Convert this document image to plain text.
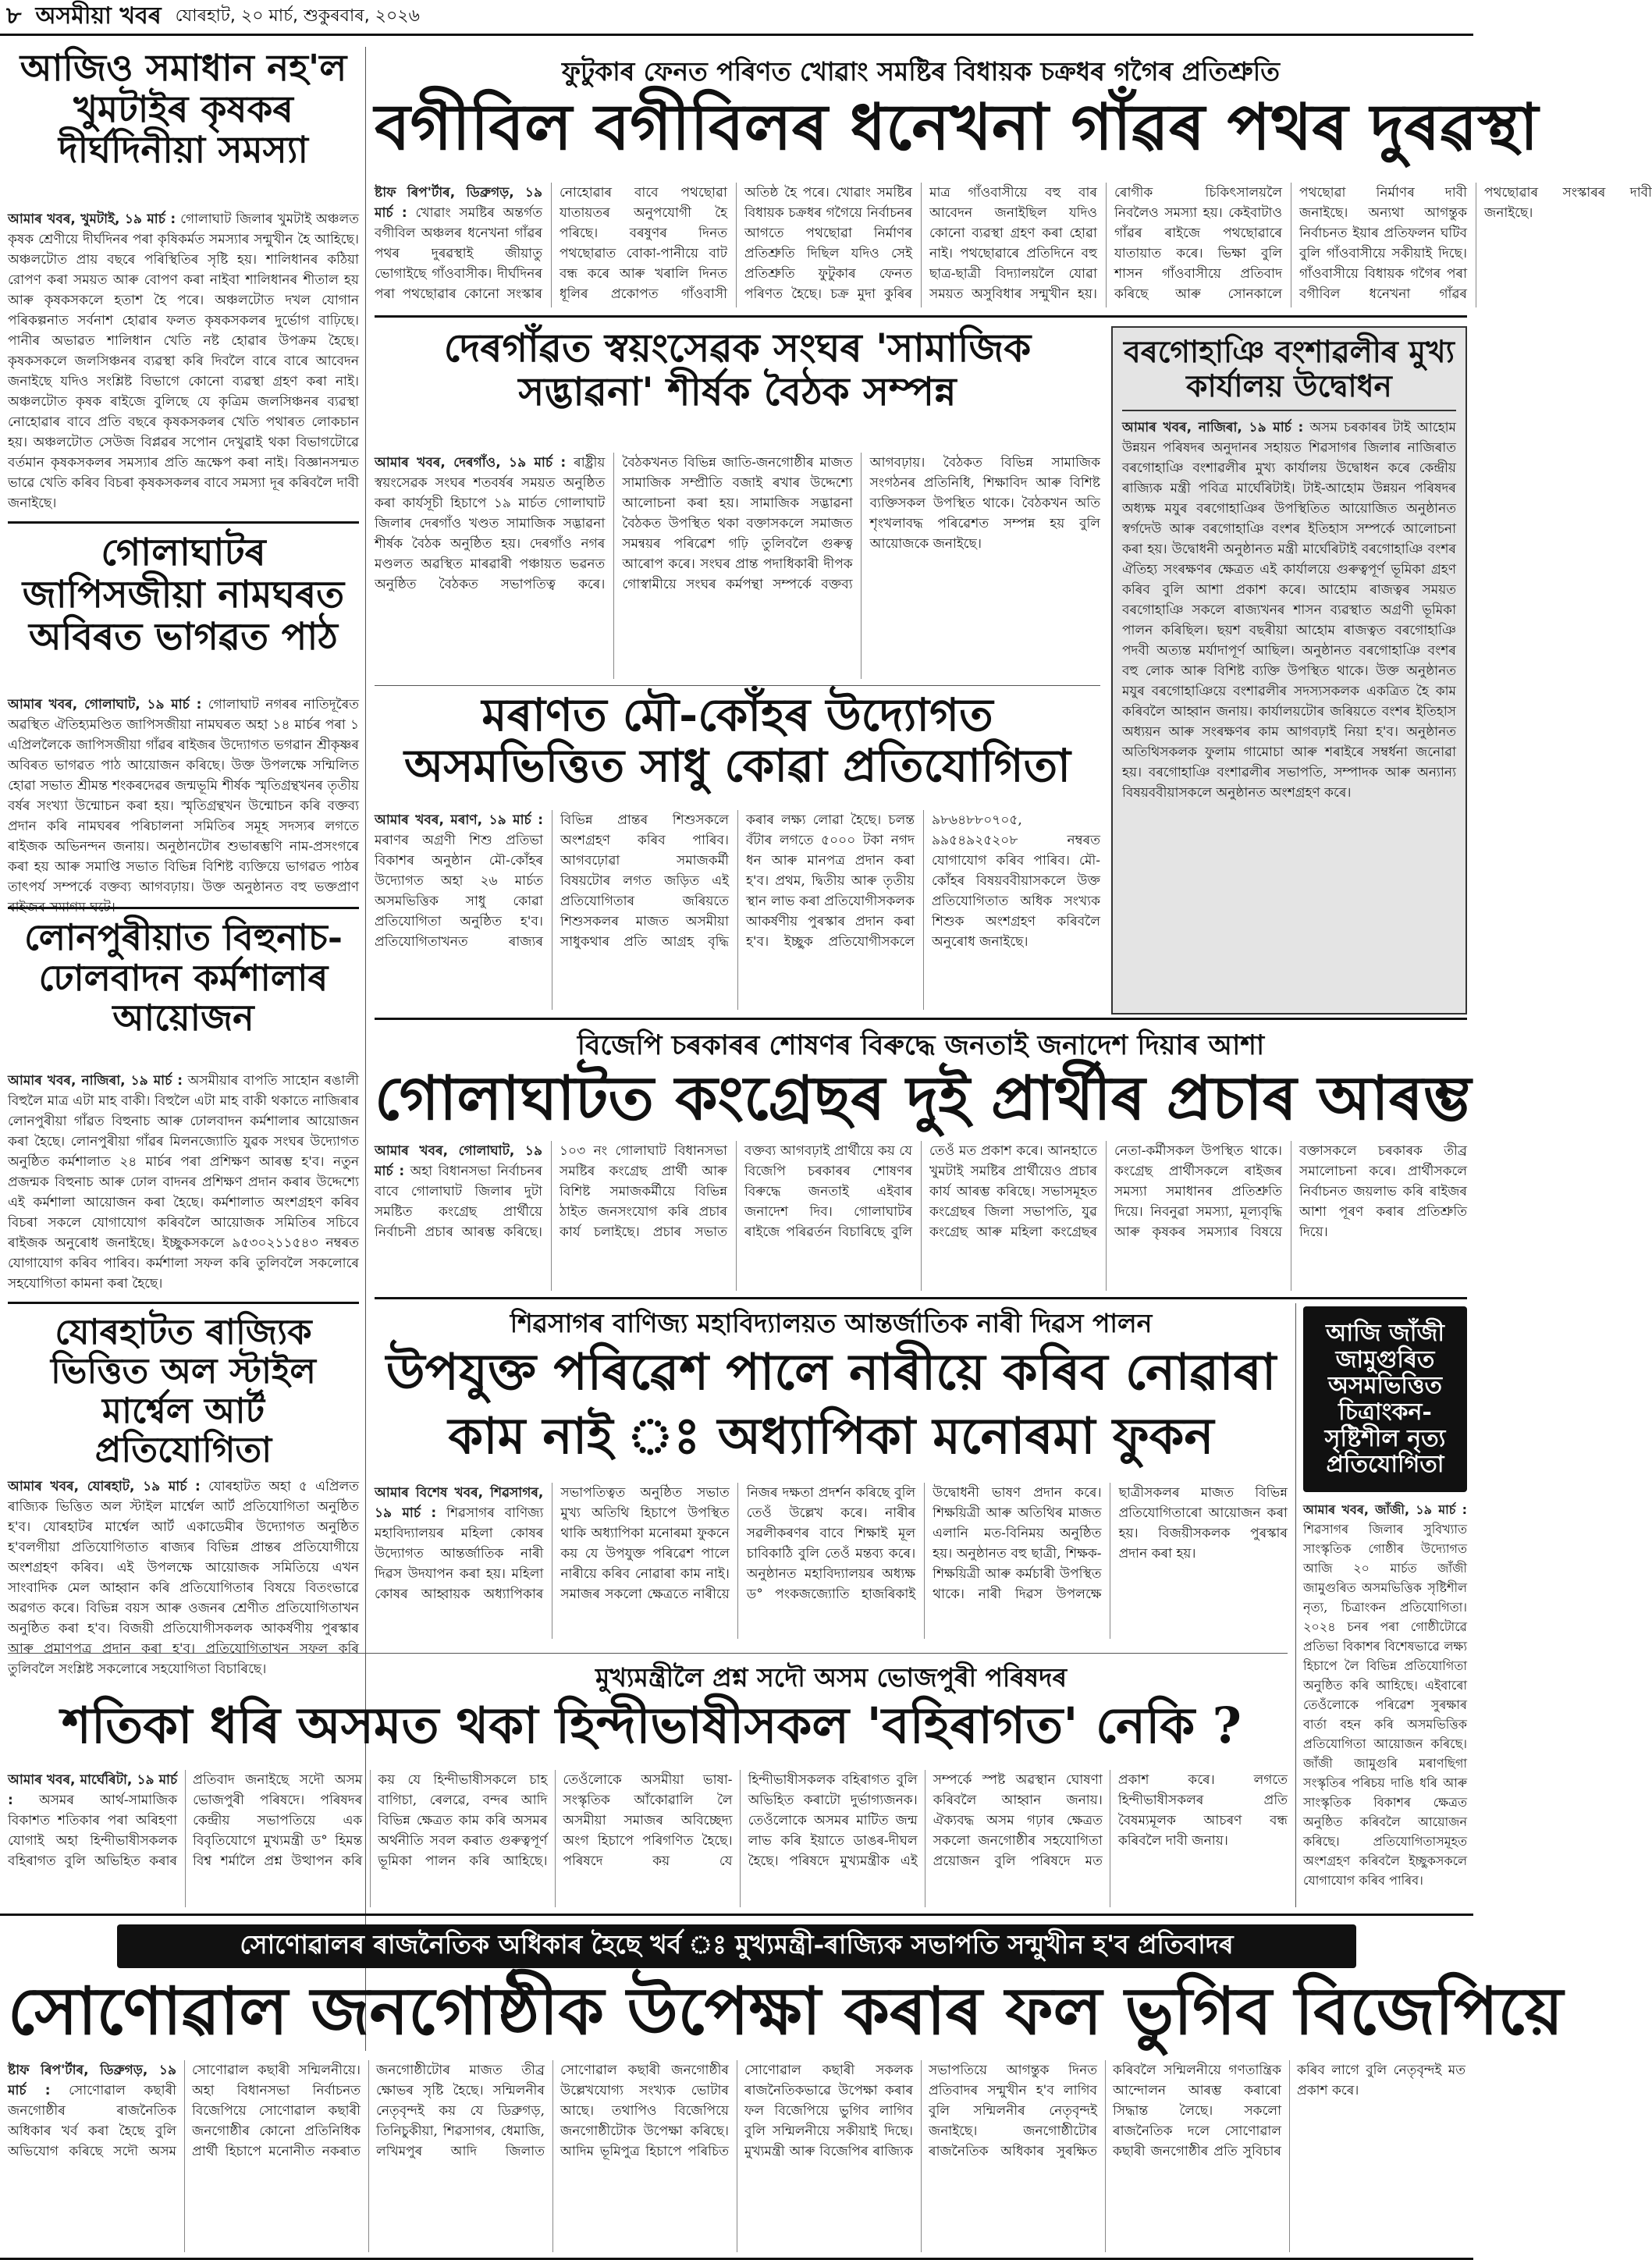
৮ অসমীয়া খবৰ যোৰহাট, ২০ মাৰ্চ, শুকুৰবাৰ, ২০২৬
আজিও সমাধান নহ'ল খুমটাইৰ কৃষকৰ দীৰ্ঘদিনীয়া সমস্যা
আমাৰ খবৰ, খুমটাই, ১৯ মাৰ্চ : গোলাঘাট জিলাৰ খুমটাই অঞ্চলত কৃষক শ্ৰেণীয়ে দীৰ্ঘদিনৰ পৰা কৃষিকৰ্মত সমস্যাৰ সন্মুখীন হৈ আহিছে। অঞ্চলটোত প্ৰায় বছৰে পৰিস্থিতিৰ সৃষ্টি হয়। শালিধানৰ কঠিয়া রোপণ কৰা সময়ত আৰু বোপণ কৰা নাইবা শালিধানৰ শীতাল হয় আৰু কৃষকসকলে হতাশ হৈ পৰে। অঞ্চলটোত দখল যোগান পৰিকল্পনাত সৰ্বনাশ হোৱাৰ ফলত কৃষকসকলৰ দুৰ্ভোগ বাঢ়িছে। পানীৰ অভাৱত শালিধান খেতি নষ্ট হোৱাৰ উপক্ৰম হৈছে। কৃষকসকলে জলসিঞ্চনৰ ব্যৱস্থা কৰি দিবলৈ বাৰে বাৰে আবেদন জনাইছে যদিও সংশ্লিষ্ট বিভাগে কোনো ব্যৱস্থা গ্ৰহণ কৰা নাই। অঞ্চলটোত কৃষক ৰাইজে বুলিছে যে কৃত্ৰিম জলসিঞ্চনৰ ব্যৱস্থা নোহোৱাৰ বাবে প্ৰতি বছৰে কৃষকসকলৰ খেতি পথাৰত লোকচান হয়। অঞ্চলটোত সেউজ বিপ্লৱৰ সপোন দেখুৱাই থকা বিভাগটোৱে বৰ্তমান কৃষকসকলৰ সমস্যাৰ প্ৰতি ভ্ৰূক্ষেপ কৰা নাই। বিজ্ঞানসন্মত ভাৱে খেতি কৰিব বিচৰা কৃষকসকলৰ বাবে সমস্যা দূৰ কৰিবলৈ দাবী জনাইছে।
গোলাঘাটৰ জাপিসজীয়া নামঘৰত অবিৰত ভাগৱত পাঠ
আমাৰ খবৰ, গোলাঘাট, ১৯ মাৰ্চ : গোলাঘাট নগৰৰ নাতিদূৰৈত অৱস্থিত ঐতিহ্যমণ্ডিত জাপিসজীয়া নামঘৰত অহা ১৪ মাৰ্চৰ পৰা ১ এপ্ৰিললৈকে জাপিসজীয়া গাঁৱৰ ৰাইজৰ উদ্যোগত ভগৱান শ্ৰীকৃষ্ণৰ অবিৰত ভাগৱত পাঠ আয়োজন কৰিছে। উক্ত উপলক্ষে সন্মিলিত হোৱা সভাত শ্ৰীমন্ত শংকৰদেৱৰ জন্মভূমি শীৰ্ষক স্মৃতিগ্ৰন্থখনৰ তৃতীয় বৰ্ষৰ সংখ্যা উন্মোচন কৰা হয়। স্মৃতিগ্ৰন্থখন উন্মোচন কৰি বক্তব্য প্ৰদান কৰি নামঘৰৰ পৰিচালনা সমিতিৰ সমূহ সদস্যৰ লগতে ৰাইজক অভিনন্দন জনায়। অনুষ্ঠানটোৰ শুভাৰম্ভণি নাম-প্ৰসংগৰে কৰা হয় আৰু সমাপ্তি সভাত বিভিন্ন বিশিষ্ট ব্যক্তিয়ে ভাগৱত পাঠৰ তাৎপৰ্য সম্পৰ্কে বক্তব্য আগবঢ়ায়। উক্ত অনুষ্ঠানত বহু ভক্তপ্ৰাণ ৰাইজৰ সমাগম ঘটে।
লোনপুৰীয়াত বিহুনাচ-ঢোলবাদন কৰ্মশালাৰ আয়োজন
আমাৰ খবৰ, নাজিৰা, ১৯ মাৰ্চ : অসমীয়াৰ বাপতি সাহোন ৰঙালী বিহুলৈ মাত্ৰ এটা মাহ বাকী। বিহুলৈ এটা মাহ বাকী থকাতে নাজিৰাৰ লোনপুৰীয়া গাঁৱত বিহুনাচ আৰু ঢোলবাদন কৰ্মশালাৰ আয়োজন কৰা হৈছে। লোনপুৰীয়া গাঁৱৰ মিলনজ্যোতি যুৱক সংঘৰ উদ্যোগত অনুষ্ঠিত কৰ্মশালাত ২৪ মাৰ্চৰ পৰা প্ৰশিক্ষণ আৰম্ভ হ'ব। নতুন প্ৰজন্মক বিহুনাচ আৰু ঢোল বাদনৰ প্ৰশিক্ষণ প্ৰদান কৰাৰ উদ্দেশ্যে এই কৰ্মশালা আয়োজন কৰা হৈছে। কৰ্মশালাত অংশগ্ৰহণ কৰিব বিচৰা সকলে যোগাযোগ কৰিবলৈ আয়োজক সমিতিৰ সচিবে ৰাইজক অনুৰোধ জনাইছে। ইচ্ছুকসকলে ৯৫৩০২১১৫৪৩ নম্বৰত যোগাযোগ কৰিব পাৰিব। কৰ্মশালা সফল কৰি তুলিবলৈ সকলোৰে সহযোগিতা কামনা কৰা হৈছে।
যোৰহাটত ৰাজ্যিক ভিত্তিত অল স্টাইল মাৰ্শ্বেল আৰ্ট প্ৰতিযোগিতা
আমাৰ খবৰ, যোৰহাট, ১৯ মাৰ্চ : যোৰহাটত অহা ৫ এপ্ৰিলত ৰাজ্যিক ভিত্তিত অল স্টাইল মাৰ্শ্বেল আৰ্ট প্ৰতিযোগিতা অনুষ্ঠিত হ'ব। যোৰহাটৰ মাৰ্শ্বেল আৰ্ট একাডেমীৰ উদ্যোগত অনুষ্ঠিত হ'বলগীয়া প্ৰতিযোগিতাত ৰাজ্যৰ বিভিন্ন প্ৰান্তৰ প্ৰতিযোগীয়ে অংশগ্ৰহণ কৰিব। এই উপলক্ষে আয়োজক সমিতিয়ে এখন সাংবাদিক মেল আহ্বান কৰি প্ৰতিযোগিতাৰ বিষয়ে বিতংভাৱে অৱগত কৰে। বিভিন্ন বয়স আৰু ওজনৰ শ্ৰেণীত প্ৰতিযোগিতাখন অনুষ্ঠিত কৰা হ'ব। বিজয়ী প্ৰতিযোগীসকলক আকৰ্ষণীয় পুৰস্কাৰ আৰু প্ৰমাণপত্ৰ প্ৰদান কৰা হ'ব। প্ৰতিযোগিতাখন সফল কৰি তুলিবলৈ সংশ্লিষ্ট সকলোৰে সহযোগিতা বিচাৰিছে।
ফুটুকাৰ ফেনত পৰিণত খোৱাং সমষ্টিৰ বিধায়ক চক্ৰধৰ গগৈৰ প্ৰতিশ্ৰুতি
বগীবিল বগীবিলৰ ধনেখনা গাঁৱৰ পথৰ দুৰৱস্থা
ষ্টাফ ৰিপ'ৰ্টাৰ, ডিব্ৰুগড়, ১৯ মাৰ্চ : খোৱাং সমষ্টিৰ অন্তৰ্গত বগীবিল অঞ্চলৰ ধনেখনা গাঁৱৰ পথৰ দুৰৱস্থাই জীয়াতু ভোগাইছে গাঁওবাসীক। দীৰ্ঘদিনৰ পৰা পথছোৱাৰ কোনো সংস্কাৰ নোহোৱাৰ বাবে পথছোৱা যাতায়তৰ অনুপযোগী হৈ পৰিছে। বৰষুণৰ দিনত পথছোৱাত বোকা-পানীয়ে বাট বন্ধ কৰে আৰু খৰালি দিনত ধূলিৰ প্ৰকোপত গাঁওবাসী অতিষ্ঠ হৈ পৰে। খোৱাং সমষ্টিৰ বিধায়ক চক্ৰধৰ গগৈয়ে নিৰ্বাচনৰ আগতে পথছোৱা নিৰ্মাণৰ প্ৰতিশ্ৰুতি দিছিল যদিও সেই প্ৰতিশ্ৰুতি ফুটুকাৰ ফেনত পৰিণত হৈছে। চক্ৰ মুদা কুৰিৰ মাত্ৰ গাঁওবাসীয়ে বহু বাৰ আবেদন জনাইছিল যদিও কোনো ব্যৱস্থা গ্ৰহণ কৰা হোৱা নাই। পথছোৱাৰে প্ৰতিদিনে বহু ছাত্ৰ-ছাত্ৰী বিদ্যালয়লৈ যোৱা সময়ত অসুবিধাৰ সন্মুখীন হয়। ৰোগীক চিকিৎসালয়লৈ নিবলৈও সমস্যা হয়। কেইবাটাও গাঁৱৰ ৰাইজে পথছোৱাৰে যাতায়াত কৰে। ভিক্ষা বুলি শাসন গাঁওবাসীয়ে প্ৰতিবাদ কৰিছে আৰু সোনকালে পথছোৱা নিৰ্মাণৰ দাবী জনাইছে। অন্যথা আগন্তুক নিৰ্বাচনত ইয়াৰ প্ৰতিফলন ঘটিব বুলি গাঁওবাসীয়ে সকীয়াই দিছে। গাঁওবাসীয়ে বিধায়ক গগৈৰ পৰা বগীবিল ধনেখনা গাঁৱৰ পথছোৱাৰ সংস্কাৰৰ দাবী জনাইছে।
দেৰগাঁৱত স্বয়ংসেৱক সংঘৰ 'সামাজিক সদ্ভাৱনা' শীৰ্ষক বৈঠক সম্পন্ন
আমাৰ খবৰ, দেৰগাঁও, ১৯ মাৰ্চ : ৰাষ্ট্ৰীয় স্বয়ংসেৱক সংঘৰ শতবৰ্ষৰ সময়ত অনুষ্ঠিত কৰা কাৰ্যসূচী হিচাপে ১৯ মাৰ্চত গোলাঘাট জিলাৰ দেৰগাঁও খণ্ডত সামাজিক সদ্ভাৱনা শীৰ্ষক বৈঠক অনুষ্ঠিত হয়। দেৰগাঁও নগৰ মণ্ডলত অৱস্থিত মাৰৱাৰী পঞ্চায়ত ভৱনত অনুষ্ঠিত বৈঠকত সভাপতিত্ব কৰে। বৈঠকখনত বিভিন্ন জাতি-জনগোষ্ঠীৰ মাজত সামাজিক সম্প্ৰীতি বজাই ৰখাৰ উদ্দেশ্যে আলোচনা কৰা হয়। সামাজিক সদ্ভাৱনা বৈঠকত উপস্থিত থকা বক্তাসকলে সমাজত সমন্বয়ৰ পৰিৱেশ গঢ়ি তুলিবলৈ গুৰুত্ব আৰোপ কৰে। সংঘৰ প্ৰান্ত পদাধিকাৰী দীপক গোস্বামীয়ে সংঘৰ কৰ্মপন্থা সম্পৰ্কে বক্তব্য আগবঢ়ায়। বৈঠকত বিভিন্ন সামাজিক সংগঠনৰ প্ৰতিনিধি, শিক্ষাবিদ আৰু বিশিষ্ট ব্যক্তিসকল উপস্থিত থাকে। বৈঠকখন অতি শৃংখলাবদ্ধ পৰিৱেশত সম্পন্ন হয় বুলি আয়োজকে জনাইছে।
বৰগোহাঞি বংশাৱলীৰ মুখ্য কাৰ্যালয় উদ্বোধন
আমাৰ খবৰ, নাজিৰা, ১৯ মাৰ্চ : অসম চৰকাৰৰ টাই আহোম উন্নয়ন পৰিষদৰ অনুদানৰ সহায়ত শিৱসাগৰ জিলাৰ নাজিৰাত বৰগোহাঞি বংশাৱলীৰ মুখ্য কাৰ্যালয় উদ্বোধন কৰে কেন্দ্ৰীয় ৰাজ্যিক মন্ত্ৰী পবিত্ৰ মাৰ্ঘেৰিটাই। টাই-আহোম উন্নয়ন পৰিষদৰ অধ্যক্ষ মযুৰ বৰগোহাঞিৰ উপস্থিতিত আয়োজিত অনুষ্ঠানত স্বৰ্গদেউ আৰু বৰগোহাঞি বংশৰ ইতিহাস সম্পৰ্কে আলোচনা কৰা হয়। উদ্বোধনী অনুষ্ঠানত মন্ত্ৰী মাৰ্ঘেৰিটাই বৰগোহাঞি বংশৰ ঐতিহ্য সংৰক্ষণৰ ক্ষেত্ৰত এই কাৰ্যালয়ে গুৰুত্বপূৰ্ণ ভূমিকা গ্ৰহণ কৰিব বুলি আশা প্ৰকাশ কৰে। আহোম ৰাজত্বৰ সময়ত বৰগোহাঞি সকলে ৰাজ্যখনৰ শাসন ব্যৱস্থাত অগ্ৰণী ভূমিকা পালন কৰিছিল। ছয়শ বছৰীয়া আহোম ৰাজত্বত বৰগোহাঞি পদবী অত্যন্ত মৰ্যাদাপূৰ্ণ আছিল। অনুষ্ঠানত বৰগোহাঞি বংশৰ বহু লোক আৰু বিশিষ্ট ব্যক্তি উপস্থিত থাকে। উক্ত অনুষ্ঠানত মযুৰ বৰগোহাঞিয়ে বংশাৱলীৰ সদস্যসকলক একত্ৰিত হৈ কাম কৰিবলৈ আহ্বান জনায়। কাৰ্যালয়টোৰ জৰিয়তে বংশৰ ইতিহাস অধ্যয়ন আৰু সংৰক্ষণৰ কাম আগবঢ়াই নিয়া হ'ব। অনুষ্ঠানত অতিথিসকলক ফুলাম গামোচা আৰু শৰাইৰে সম্বৰ্ধনা জনোৱা হয়। বৰগোহাঞি বংশাৱলীৰ সভাপতি, সম্পাদক আৰু অন্যান্য বিষয়ববীয়াসকলে অনুষ্ঠানত অংশগ্ৰহণ কৰে।
মৰাণত মৌ-কোঁহৰ উদ্যোগত অসমভিত্তিত সাধু কোৱা প্ৰতিযোগিতা
আমাৰ খবৰ, মৰাণ, ১৯ মাৰ্চ : মৰাণৰ অগ্ৰণী শিশু প্ৰতিভা বিকাশৰ অনুষ্ঠান মৌ-কোঁহৰ উদ্যোগত অহা ২৬ মাৰ্চত অসমভিত্তিক সাধু কোৱা প্ৰতিযোগিতা অনুষ্ঠিত হ'ব। প্ৰতিযোগিতাখনত ৰাজ্যৰ বিভিন্ন প্ৰান্তৰ শিশুসকলে অংশগ্ৰহণ কৰিব পাৰিব। আগবঢ়োৱা সমাজকৰ্মী বিষয়টোৰ লগত জড়িত এই প্ৰতিযোগিতাৰ জৰিয়তে শিশুসকলৰ মাজত অসমীয়া সাধুকথাৰ প্ৰতি আগ্ৰহ বৃদ্ধি কৰাৰ লক্ষ্য লোৱা হৈছে। চলন্ত বঁটাৰ লগতে ৫০০০ টকা নগদ ধন আৰু মানপত্ৰ প্ৰদান কৰা হ'ব। প্ৰথম, দ্বিতীয় আৰু তৃতীয় স্থান লাভ কৰা প্ৰতিযোগীসকলক আকৰ্ষণীয় পুৰস্কাৰ প্ৰদান কৰা হ'ব। ইচ্ছুক প্ৰতিযোগীসকলে ৯৮৬৪৮৮০৭০৫, ৯৯৫৪৯২৫২০৮ নম্বৰত যোগাযোগ কৰিব পাৰিব। মৌ-কোঁহৰ বিষয়ববীয়াসকলে উক্ত প্ৰতিযোগিতাত অধিক সংখ্যক শিশুক অংশগ্ৰহণ কৰিবলৈ অনুৰোধ জনাইছে।
বিজেপি চৰকাৰৰ শোষণৰ বিৰুদ্ধে জনতাই জনাদেশ দিয়াৰ আশা
গোলাঘাটত কংগ্ৰেছৰ দুই প্ৰাৰ্থীৰ প্ৰচাৰ আৰম্ভ
আমাৰ খবৰ, গোলাঘাট, ১৯ মাৰ্চ : অহা বিধানসভা নিৰ্বাচনৰ বাবে গোলাঘাট জিলাৰ দুটা সমষ্টিত কংগ্ৰেছ প্ৰাৰ্থীয়ে নিৰ্বাচনী প্ৰচাৰ আৰম্ভ কৰিছে। ১০৩ নং গোলাঘাট বিধানসভা সমষ্টিৰ কংগ্ৰেছ প্ৰাৰ্থী আৰু বিশিষ্ট সমাজকৰ্মীয়ে বিভিন্ন ঠাইত জনসংযোগ কৰি প্ৰচাৰ কাৰ্য চলাইছে। প্ৰচাৰ সভাত বক্তব্য আগবঢ়াই প্ৰাৰ্থীয়ে কয় যে বিজেপি চৰকাৰৰ শোষণৰ বিৰুদ্ধে জনতাই এইবাৰ জনাদেশ দিব। গোলাঘাটৰ ৰাইজে পৰিৱৰ্তন বিচাৰিছে বুলি তেওঁ মত প্ৰকাশ কৰে। আনহাতে খুমটাই সমষ্টিৰ প্ৰাৰ্থীয়েও প্ৰচাৰ কাৰ্য আৰম্ভ কৰিছে। সভাসমূহত কংগ্ৰেছৰ জিলা সভাপতি, যুৱ কংগ্ৰেছ আৰু মহিলা কংগ্ৰেছৰ নেতা-কৰ্মীসকল উপস্থিত থাকে। কংগ্ৰেছ প্ৰাৰ্থীসকলে ৰাইজৰ সমস্যা সমাধানৰ প্ৰতিশ্ৰুতি দিয়ে। নিবনুৱা সমস্যা, মূল্যবৃদ্ধি আৰু কৃষকৰ সমস্যাৰ বিষয়ে বক্তাসকলে চৰকাৰক তীব্ৰ সমালোচনা কৰে। প্ৰাৰ্থীসকলে নিৰ্বাচনত জয়লাভ কৰি ৰাইজৰ আশা পূৰণ কৰাৰ প্ৰতিশ্ৰুতি দিয়ে।
শিৱসাগৰ বাণিজ্য মহাবিদ্যালয়ত আন্তৰ্জাতিক নাৰী দিৱস পালন
উপযুক্ত পৰিৱেশ পালে নাৰীয়ে কৰিব নোৱাৰা কাম নাই ঃ অধ্যাপিকা মনোৰমা ফুকন
আমাৰ বিশেষ খবৰ, শিৱসাগৰ, ১৯ মাৰ্চ : শিৱসাগৰ বাণিজ্য মহাবিদ্যালয়ৰ মহিলা কোষৰ উদ্যোগত আন্তৰ্জাতিক নাৰী দিৱস উদযাপন কৰা হয়। মহিলা কোষৰ আহ্বায়ক অধ্যাপিকাৰ সভাপতিত্বত অনুষ্ঠিত সভাত মুখ্য অতিথি হিচাপে উপস্থিত থাকি অধ্যাপিকা মনোৰমা ফুকনে কয় যে উপযুক্ত পৰিৱেশ পালে নাৰীয়ে কৰিব নোৱাৰা কাম নাই। সমাজৰ সকলো ক্ষেত্ৰতে নাৰীয়ে নিজৰ দক্ষতা প্ৰদৰ্শন কৰিছে বুলি তেওঁ উল্লেখ কৰে। নাৰীৰ সৱলীকৰণৰ বাবে শিক্ষাই মূল চাবিকাঠি বুলি তেওঁ মন্তব্য কৰে। অনুষ্ঠানত মহাবিদ্যালয়ৰ অধ্যক্ষ ড° পংকজজ্যোতি হাজৰিকাই উদ্বোধনী ভাষণ প্ৰদান কৰে। শিক্ষয়িত্ৰী আৰু অতিথিৰ মাজত এলানি মত-বিনিময় অনুষ্ঠিত হয়। অনুষ্ঠানত বহু ছাত্ৰী, শিক্ষক-শিক্ষয়িত্ৰী আৰু কৰ্মচাৰী উপস্থিত থাকে। নাৰী দিৱস উপলক্ষে ছাত্ৰীসকলৰ মাজত বিভিন্ন প্ৰতিযোগিতাৰো আয়োজন কৰা হয়। বিজয়ীসকলক পুৰস্কাৰ প্ৰদান কৰা হয়।
আজি জাঁজী জামুগুৰিত অসমভিত্তিত চিত্ৰাংকন-সৃষ্টিশীল নৃত্য প্ৰতিযোগিতা
আমাৰ খবৰ, জাঁজী, ১৯ মাৰ্চ : শিৱসাগৰ জিলাৰ সুবিখ্যাত সাংস্কৃতিক গোষ্ঠীৰ উদ্যোগত আজি ২০ মাৰ্চত জাঁজী জামুগুৰিত অসমভিত্তিক সৃষ্টিশীল নৃত্য, চিত্ৰাংকন প্ৰতিযোগিতা। ২০২৪ চনৰ পৰা গোষ্ঠীটোৱে প্ৰতিভা বিকাশৰ বিশেষভাৱে লক্ষ্য হিচাপে লৈ বিভিন্ন প্ৰতিযোগিতা অনুষ্ঠিত কৰি আহিছে। এইবাৰো তেওঁলোকে পৰিৱেশ সুৰক্ষাৰ বাৰ্তা বহন কৰি অসমভিত্তিক প্ৰতিযোগিতা আয়োজন কৰিছে। জাঁজী জামুগুৰি মৰাণছিগা সংস্কৃতিৰ পৰিচয় দাঙি ধৰি আৰু সাংস্কৃতিক বিকাশৰ ক্ষেত্ৰত অনুষ্ঠিত কৰিবলৈ আয়োজন কৰিছে। প্ৰতিযোগিতাসমূহত অংশগ্ৰহণ কৰিবলৈ ইচ্ছুকসকলে যোগাযোগ কৰিব পাৰিব।
মুখ্যমন্ত্ৰীলৈ প্ৰশ্ন সদৌ অসম ভোজপুৰী পৰিষদৰ
শতিকা ধৰি অসমত থকা হিন্দীভাষীসকল 'বহিৰাগত' নেকি ?
আমাৰ খবৰ, মাৰ্ঘেৰিটা, ১৯ মাৰ্চ : অসমৰ আৰ্থ-সামাজিক বিকাশত শতিকাৰ পৰা অৰিহণা যোগাই অহা হিন্দীভাষীসকলক বহিৰাগত বুলি অভিহিত কৰাৰ প্ৰতিবাদ জনাইছে সদৌ অসম ভোজপুৰী পৰিষদে। পৰিষদৰ কেন্দ্ৰীয় সভাপতিয়ে এক বিবৃতিযোগে মুখ্যমন্ত্ৰী ড° হিমন্ত বিশ্ব শৰ্মালৈ প্ৰশ্ন উত্থাপন কৰি কয় যে হিন্দীভাষীসকলে চাহ বাগিচা, ৰেলৱে, বন্দৰ আদি বিভিন্ন ক্ষেত্ৰত কাম কৰি অসমৰ অৰ্থনীতি সবল কৰাত গুৰুত্বপূৰ্ণ ভূমিকা পালন কৰি আহিছে। তেওঁলোকে অসমীয়া ভাষা-সংস্কৃতিক আঁকোৱালি লৈ অসমীয়া সমাজৰ অবিচ্ছেদ্য অংগ হিচাপে পৰিগণিত হৈছে। পৰিষদে কয় যে হিন্দীভাষীসকলক বহিৰাগত বুলি অভিহিত কৰাটো দুৰ্ভাগ্যজনক। তেওঁলোকে অসমৰ মাটিত জন্ম লাভ কৰি ইয়াতে ডাঙৰ-দীঘল হৈছে। পৰিষদে মুখ্যমন্ত্ৰীক এই সম্পৰ্কে স্পষ্ট অৱস্থান ঘোষণা কৰিবলৈ আহ্বান জনায়। ঐক্যবদ্ধ অসম গঢ়াৰ ক্ষেত্ৰত সকলো জনগোষ্ঠীৰ সহযোগিতা প্ৰয়োজন বুলি পৰিষদে মত প্ৰকাশ কৰে। লগতে হিন্দীভাষীসকলৰ প্ৰতি বৈষম্যমূলক আচৰণ বন্ধ কৰিবলৈ দাবী জনায়।
সোণোৱালৰ ৰাজনৈতিক অধিকাৰ হৈছে খৰ্ব ঃ মুখ্যমন্ত্ৰী-ৰাজ্যিক সভাপতি সন্মুখীন হ'ব প্ৰতিবাদৰ
সোণোৱাল জনগোষ্ঠীক উপেক্ষা কৰাৰ ফল ভুগিব বিজেপিয়ে
ষ্টাফ ৰিপ'ৰ্টাৰ, ডিব্ৰুগড়, ১৯ মাৰ্চ : সোণোৱাল কছাৰী জনগোষ্ঠীৰ ৰাজনৈতিক অধিকাৰ খৰ্ব কৰা হৈছে বুলি অভিযোগ কৰিছে সদৌ অসম সোণোৱাল কছাৰী সন্মিলনীয়ে। অহা বিধানসভা নিৰ্বাচনত বিজেপিয়ে সোণোৱাল কছাৰী জনগোষ্ঠীৰ কোনো প্ৰতিনিধিক প্ৰাৰ্থী হিচাপে মনোনীত নকৰাত জনগোষ্ঠীটোৰ মাজত তীব্ৰ ক্ষোভৰ সৃষ্টি হৈছে। সন্মিলনীৰ নেতৃবৃন্দই কয় যে ডিব্ৰুগড়, তিনিচুকীয়া, শিৱসাগৰ, ধেমাজি, লখিমপুৰ আদি জিলাত সোণোৱাল কছাৰী জনগোষ্ঠীৰ উল্লেখযোগ্য সংখ্যক ভোটাৰ আছে। তথাপিও বিজেপিয়ে জনগোষ্ঠীটোক উপেক্ষা কৰিছে। আদিম ভূমিপুত্ৰ হিচাপে পৰিচিত সোণোৱাল কছাৰী সকলক ৰাজনৈতিকভাৱে উপেক্ষা কৰাৰ ফল বিজেপিয়ে ভুগিব লাগিব বুলি সন্মিলনীয়ে সকীয়াই দিছে। মুখ্যমন্ত্ৰী আৰু বিজেপিৰ ৰাজ্যিক সভাপতিয়ে আগন্তুক দিনত প্ৰতিবাদৰ সন্মুখীন হ'ব লাগিব বুলি সন্মিলনীৰ নেতৃবৃন্দই জনাইছে। জনগোষ্ঠীটোৰ ৰাজনৈতিক অধিকাৰ সুৰক্ষিত কৰিবলৈ সন্মিলনীয়ে গণতান্ত্ৰিক আন্দোলন আৰম্ভ কৰাৰো সিদ্ধান্ত লৈছে। সকলো ৰাজনৈতিক দলে সোণোৱাল কছাৰী জনগোষ্ঠীৰ প্ৰতি সুবিচাৰ কৰিব লাগে বুলি নেতৃবৃন্দই মত প্ৰকাশ কৰে।
